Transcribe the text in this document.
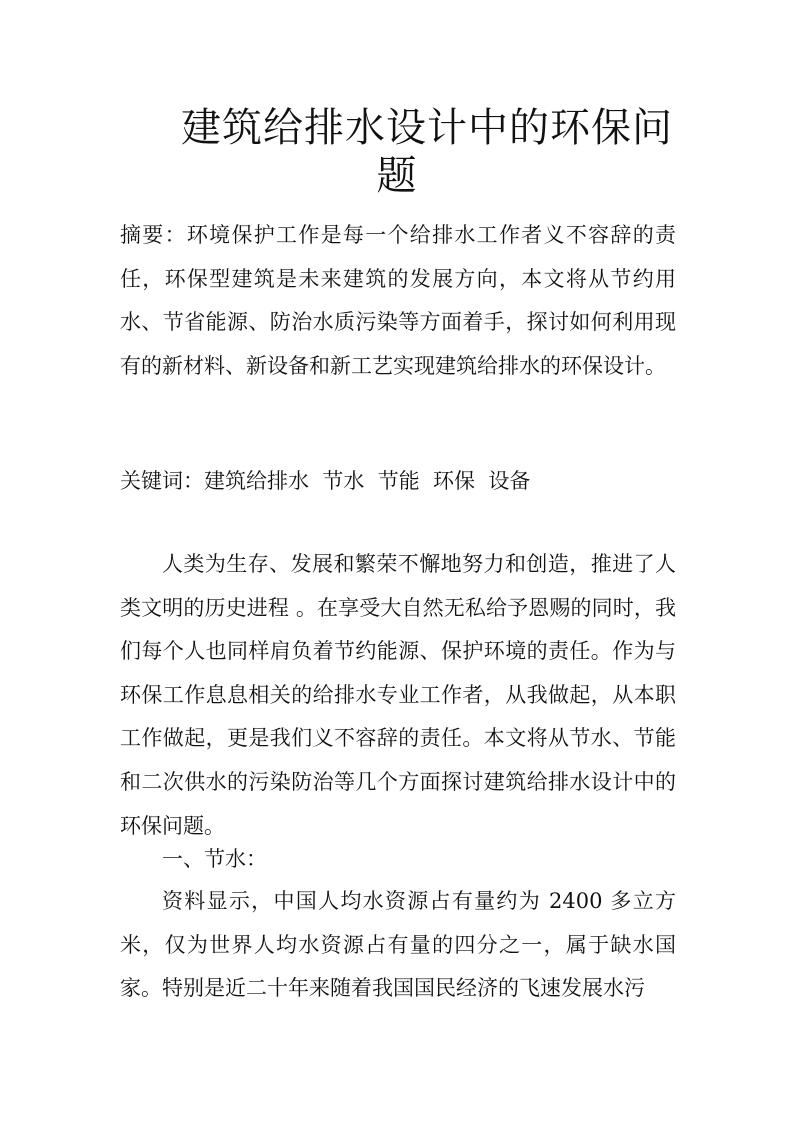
建筑给排水设计中的环保问
题

摘要：环境保护工作是每一个给排水工作者义不容辞的责任，环保型建筑是未来建筑的发展方向，本文将从节约用水、节省能源、防治水质污染等方面着手，探讨如何利用现有的新材料、新设备和新工艺实现建筑给排水的环保设计。

关键词：建筑给排水  节水  节能  环保  设备

人类为生存、发展和繁荣不懈地努力和创造，推进了人类文明的历史进程 。在享受大自然无私给予恩赐的同时，我们每个人也同样肩负着节约能源、保护环境的责任。作为与环保工作息息相关的给排水专业工作者，从我做起，从本职工作做起，更是我们义不容辞的责任。本文将从节水、节能和二次供水的污染防治等几个方面探讨建筑给排水设计中的环保问题。

一、节水：

资料显示，中国人均水资源占有量约为 2400 多立方米，仅为世界人均水资源占有量的四分之一，属于缺水国家。特别是近二十年来随着我国国民经济的飞速发展水污
